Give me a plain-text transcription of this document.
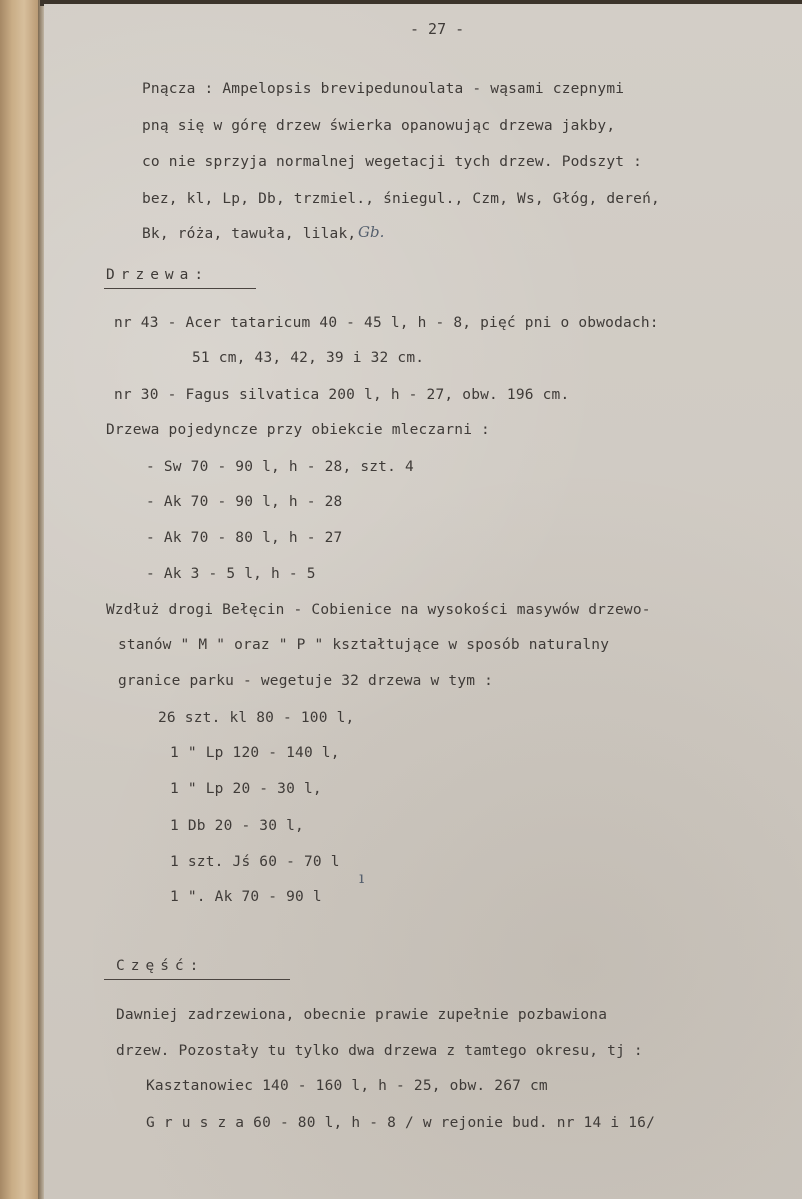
- 27 -
Pnącza : Ampelopsis brevipedunoulata - wąsami czepnymi
pną się w górę drzew świerka opanowując drzewa jakby,
co nie sprzyja normalnej wegetacji tych drzew. Podszyt :
bez, kl, Lp, Db, trzmiel., śniegul., Czm, Ws, Głóg, dereń,
Bk, róża, tawuła, lilak, Gb.
Drzewa:
nr 43 - Acer tataricum 40 - 45 l, h - 8, pięć pni o obwodach:
51 cm, 43, 42, 39 i 32 cm.
nr 30 - Fagus silvatica 200 l, h - 27, obw. 196 cm.
Drzewa pojedyncze przy obiekcie mleczarni :
- Sw 70 - 90 l, h - 28, szt. 4
- Ak 70 - 90 l, h - 28
- Ak 70 - 80 l, h - 27
- Ak 3 - 5 l, h - 5
Wzdłuż drogi Bełęcin - Cobienice na wysokości masywów drzewo-
stanów " M " oraz " P " kształtujące w sposób naturalny
granice parku - wegetuje 32 drzewa w tym :
26 szt. kl 80 - 100 l,
1 " Lp 120 - 140 l,
1 " Lp 20 - 30 l,
1 Db 20 - 30 l,
1 szt. Jś 60 - 70 l
1 ". Ak 70 - 90 l
ı
Część:
Dawniej zadrzewiona, obecnie prawie zupełnie pozbawiona
drzew. Pozostały tu tylko dwa drzewa z tamtego okresu, tj :
Kasztanowiec 140 - 160 l, h - 25, obw. 267 cm
G r u s z a 60 - 80 l, h - 8 / w rejonie bud. nr 14 i 16/
